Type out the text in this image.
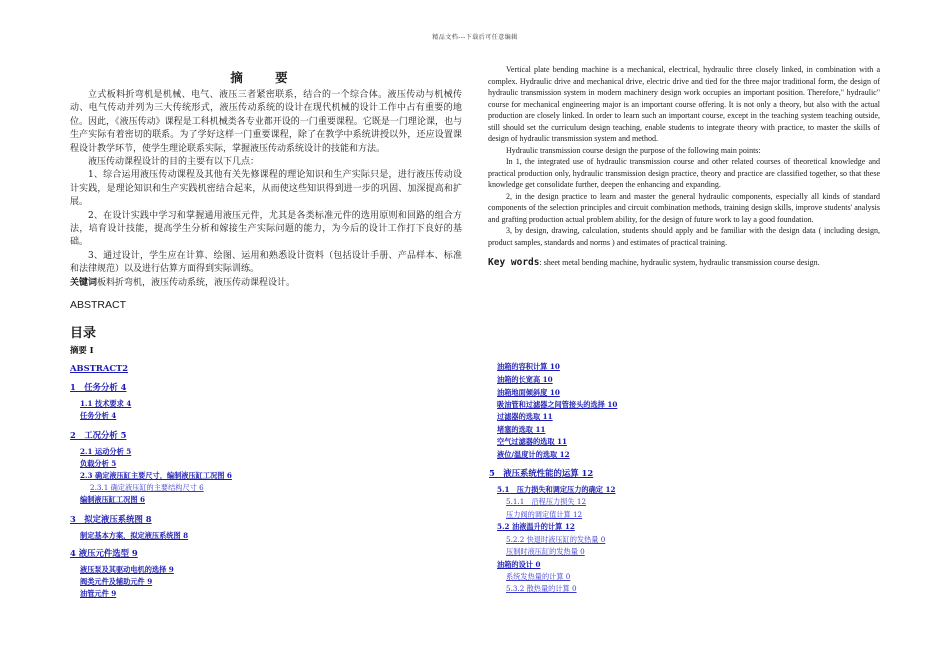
精品文档---下载后可任意编辑
摘 要

立式板料折弯机是机械、电气、液压三者紧密联系，结合的一个综合体。液压传动与机械传动、电气传动并列为三大传统形式，液压传动系统的设计在现代机械的设计工作中占有重要的地位。因此，《液压传动》课程是工科机械类各专业都开设的一门重要课程。它既是一门理论课，也与生产实际有着密切的联系。为了学好这样一门重要课程，除了在教学中系统讲授以外，还应设置课程设计教学环节，使学生理论联系实际，掌握液压传动系统设计的技能和方法。

液压传动课程设计的目的主要有以下几点：

1、综合运用液压传动课程及其他有关先修课程的理论知识和生产实际只是，进行液压传动设计实践，是理论知识和生产实践机密结合起来，从而使这些知识得到进一步的巩固、加深提高和扩展。

2、在设计实践中学习和掌握通用液压元件，尤其是各类标准元件的选用原则和回路的组合方法，培育设计技能，提高学生分析和嫁接生产实际问题的能力，为今后的设计工作打下良好的基础。

3、通过设计，学生应在计算、绘图、运用和熟悉设计资料（包括设计手册、产品样本、标准和法律规范）以及进行估算方面得到实际训练。

关键词板料折弯机，液压传动系统，液压传动课程设计。

ABSTRACT
目录

Vertical plate bending machine is a mechanical, electrical, hydraulic three closely linked, in combination with a complex. Hydraulic drive and mechanical drive, electric drive and tied for the three major traditional form, the design of hydraulic transmission system in modern machinery design work occupies an important position. Therefore," hydraulic" course for mechanical engineering major is an important course offering. It is not only a theory, but also with the actual production are closely linked. In order to learn such an important course, except in the teaching system teaching outside, still should set the curriculum design teaching, enable students to integrate theory with practice, to master the skills of design of hydraulic transmission system and method.

Hydraulic transmission course design the purpose of the following main points:

In 1, the integrated use of hydraulic transmission course and other related courses of theoretical knowledge and practical production only, hydraulic transmission design practice, theory and practice are classified together, so that these knowledge get consolidate further, deepen the enhancing and expanding.

2, in the design practice to learn and master the general hydraulic components, especially all kinds of standard components of the selection principles and circuit combination methods, training design skills, improve students' analysis and grafting production actual problem ability, for the design of future work to lay a good foundation.

3, by design, drawing, calculation, students should apply and be familiar with the design data ( including design, product samples, standards and norms ) and estimates of practical training.

Key words: sheet metal bending machine, hydraulic system, hydraulic transmission course design.
摘要 I
ABSTRACT2
1　任务分析 4
1.1 技术要求 4
任务分析 4
2　工况分析 5
2.1 运动分析 5
负载分析 5
2.3 确定液压缸主要尺寸，编制液压缸工况图 6
2.3.1 确定液压缸的主要结构尺寸 6
编制液压缸工况图 6
3　拟定液压系统图 8
制定基本方案，拟定液压系统图 8
4 液压元件选型 9
液压泵及其驱动电机的选择 9
阀类元件及辅助元件 9
油管元件 9
油箱的容积计算 10
油箱的长宽高 10
油箱地面倾斜度 10
吸油管和过滤器之间管接头的选择 10
过滤器的选取 11
堵塞的选取 11
空气过滤器的选取 11
液位/温度计的选取 12
5　液压系统性能的运算 12
5.1　压力损失和调定压力的确定 12
5.1.1　沿程压力损失 12
压力阀的调定值计算 12
5.2 油液温升的计算 12
5.2.2 快退时液压缸的发热量 0
压制时液压缸的发热量 0
油箱的设计 0
系统发热量的计算 0
5.3.2 散热量的计算 0
